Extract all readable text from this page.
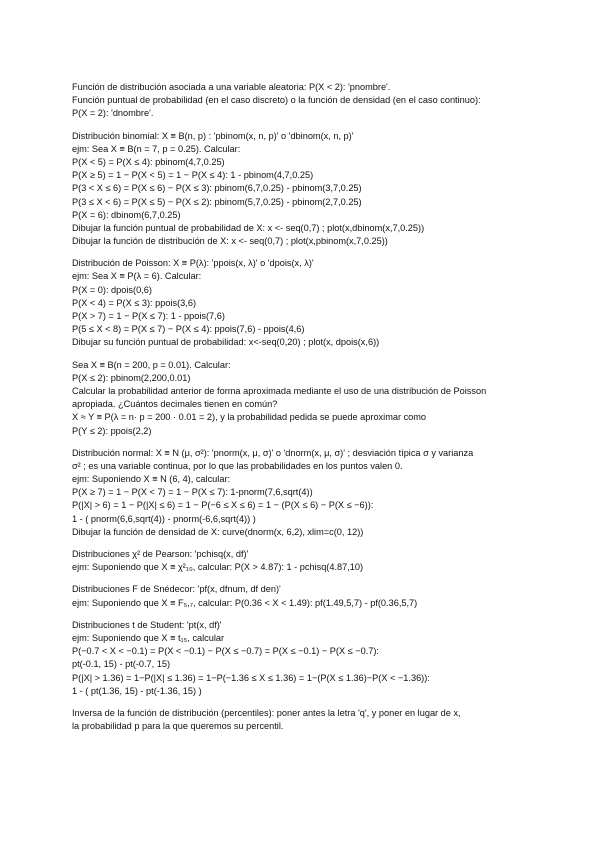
Función de distribución asociada a una variable aleatoria: P(X < 2): 'pnombre'.
Función puntual de probabilidad (en el caso discreto) o la función de densidad (en el caso continuo):
P(X = 2): 'dnombre'.
Distribución binomial: X ≡ B(n, p) : 'pbinom(x, n, p)' o 'dbinom(x, n, p)'
ejm: Sea X ≡ B(n = 7, p = 0.25). Calcular:
P(X < 5) = P(X ≤ 4): pbinom(4,7,0.25)
P(X ≥ 5) = 1 − P(X < 5) = 1 − P(X ≤ 4): 1 - pbinom(4,7,0.25)
P(3 < X ≤ 6) = P(X ≤ 6) − P(X ≤ 3): pbinom(6,7,0.25) - pbinom(3,7,0.25)
P(3 ≤ X < 6) = P(X ≤ 5) − P(X ≤ 2): pbinom(5,7,0.25) - pbinom(2,7,0.25)
P(X = 6): dbinom(6,7,0.25)
Dibujar la función puntual de probabilidad de X: x <- seq(0,7) ; plot(x,dbinom(x,7,0.25))
Dibujar la función de distribución de X: x <- seq(0,7) ; plot(x,pbinom(x,7,0.25))
Distribución de Poisson: X ≡ P(λ): 'ppois(x, λ)' o 'dpois(x, λ)'
ejm: Sea X ≡ P(λ = 6). Calcular:
P(X = 0): dpois(0,6)
P(X < 4) = P(X ≤ 3): ppois(3,6)
P(X > 7) = 1 − P(X ≤ 7): 1 - ppois(7,6)
P(5 ≤ X < 8) = P(X ≤ 7) − P(X ≤ 4): ppois(7,6) - ppois(4,6)
Dibujar su función puntual de probabilidad: x<-seq(0,20) ; plot(x, dpois(x,6))
Sea X ≡ B(n = 200, p = 0.01). Calcular:
P(X ≤ 2): pbinom(2,200,0.01)
Calcular la probabilidad anterior de forma aproximada mediante el uso de una distribución de Poisson
apropiada. ¿Cuántos decimales tienen en común?
X ≈ Y ≡ P(λ = n· p = 200 · 0.01 = 2), y la probabilidad pedida se puede aproximar como
P(Y ≤ 2): ppois(2,2)
Distribución normal: X ≡ N (μ, σ²): 'pnorm(x, μ, σ)' o 'dnorm(x, μ, σ)' ; desviación típica σ y varianza
σ² ; es una variable continua, por lo que las probabilidades en los puntos valen 0.
ejm: Suponiendo X ≡ N (6, 4), calcular:
P(X ≥ 7) = 1 − P(X < 7) = 1 − P(X ≤ 7): 1-pnorm(7,6,sqrt(4))
P(|X| > 6) = 1 − P(|X| ≤ 6) = 1 − P(−6 ≤ X ≤ 6) = 1 − (P(X ≤ 6) − P(X ≤ −6)):
1 - ( pnorm(6,6,sqrt(4)) - pnorm(-6,6,sqrt(4)) )
Dibujar la función de densidad de X: curve(dnorm(x, 6,2), xlim=c(0, 12))
Distribuciones χ² de Pearson: 'pchisq(x, df)'
ejm: Suponiendo que X ≡ χ²₁₀, calcular: P(X > 4.87): 1 - pchisq(4.87,10)
Distribuciones F de Snédecor: 'pf(x, dfnum, df den)'
ejm: Suponiendo que X ≡ F₅,₇, calcular: P(0.36 < X < 1.49): pf(1.49,5,7) - pf(0.36,5,7)
Distribuciones t de Student: 'pt(x, df)'
ejm: Suponiendo que X ≡ t₁₅, calcular
P(−0.7 < X < −0.1) = P(X < −0.1) − P(X ≤ −0.7) = P(X ≤ −0.1) − P(X ≤ −0.7):
pt(-0.1, 15) - pt(-0.7, 15)
P(|X| > 1.36) = 1−P(|X| ≤ 1.36) = 1−P(−1.36 ≤ X ≤ 1.36) = 1−(P(X ≤ 1.36)−P(X < −1.36)):
1 - ( pt(1.36, 15) - pt(-1.36, 15) )
Inversa de la función de distribución (percentiles): poner antes la letra 'q', y poner en lugar de x,
la probabilidad p para la que queremos su percentil.
